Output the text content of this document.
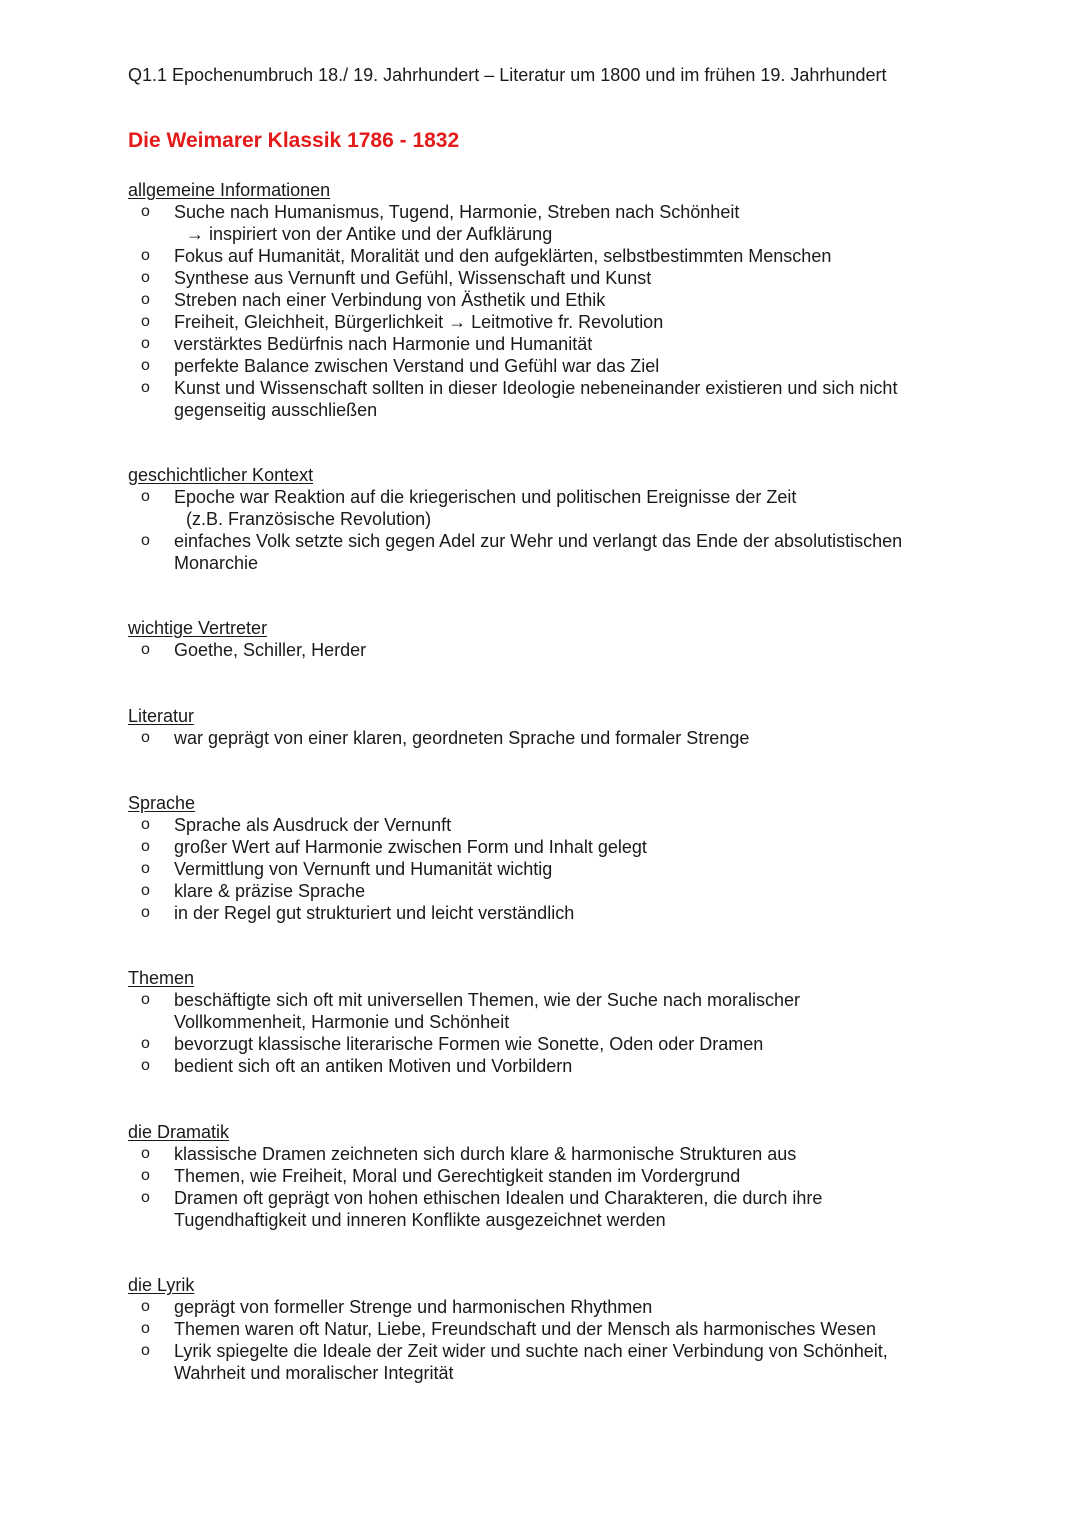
Q1.1 Epochenumbruch 18./ 19. Jahrhundert – Literatur um 1800 und im frühen 19. Jahrhundert
Die Weimarer Klassik 1786 - 1832
allgemeine Informationen
o Suche nach Humanismus, Tugend, Harmonie, Streben nach Schönheit
→ inspiriert von der Antike und der Aufklärung
o Fokus auf Humanität, Moralität und den aufgeklärten, selbstbestimmten Menschen
o Synthese aus Vernunft und Gefühl, Wissenschaft und Kunst
o Streben nach einer Verbindung von Ästhetik und Ethik
o Freiheit, Gleichheit, Bürgerlichkeit → Leitmotive fr. Revolution
o verstärktes Bedürfnis nach Harmonie und Humanität
o perfekte Balance zwischen Verstand und Gefühl war das Ziel
o Kunst und Wissenschaft sollten in dieser Ideologie nebeneinander existieren und sich nicht
gegenseitig ausschließen
geschichtlicher Kontext
o Epoche war Reaktion auf die kriegerischen und politischen Ereignisse der Zeit
(z.B. Französische Revolution)
o einfaches Volk setzte sich gegen Adel zur Wehr und verlangt das Ende der absolutistischen
Monarchie
wichtige Vertreter
o Goethe, Schiller, Herder
Literatur
o war geprägt von einer klaren, geordneten Sprache und formaler Strenge
Sprache
o Sprache als Ausdruck der Vernunft
o großer Wert auf Harmonie zwischen Form und Inhalt gelegt
o Vermittlung von Vernunft und Humanität wichtig
o klare & präzise Sprache
o in der Regel gut strukturiert und leicht verständlich
Themen
o beschäftigte sich oft mit universellen Themen, wie der Suche nach moralischer
Vollkommenheit, Harmonie und Schönheit
o bevorzugt klassische literarische Formen wie Sonette, Oden oder Dramen
o bedient sich oft an antiken Motiven und Vorbildern
die Dramatik
o klassische Dramen zeichneten sich durch klare & harmonische Strukturen aus
o Themen, wie Freiheit, Moral und Gerechtigkeit standen im Vordergrund
o Dramen oft geprägt von hohen ethischen Idealen und Charakteren, die durch ihre
Tugendhaftigkeit und inneren Konflikte ausgezeichnet werden
die Lyrik
o geprägt von formeller Strenge und harmonischen Rhythmen
o Themen waren oft Natur, Liebe, Freundschaft und der Mensch als harmonisches Wesen
o Lyrik spiegelte die Ideale der Zeit wider und suchte nach einer Verbindung von Schönheit,
Wahrheit und moralischer Integrität
